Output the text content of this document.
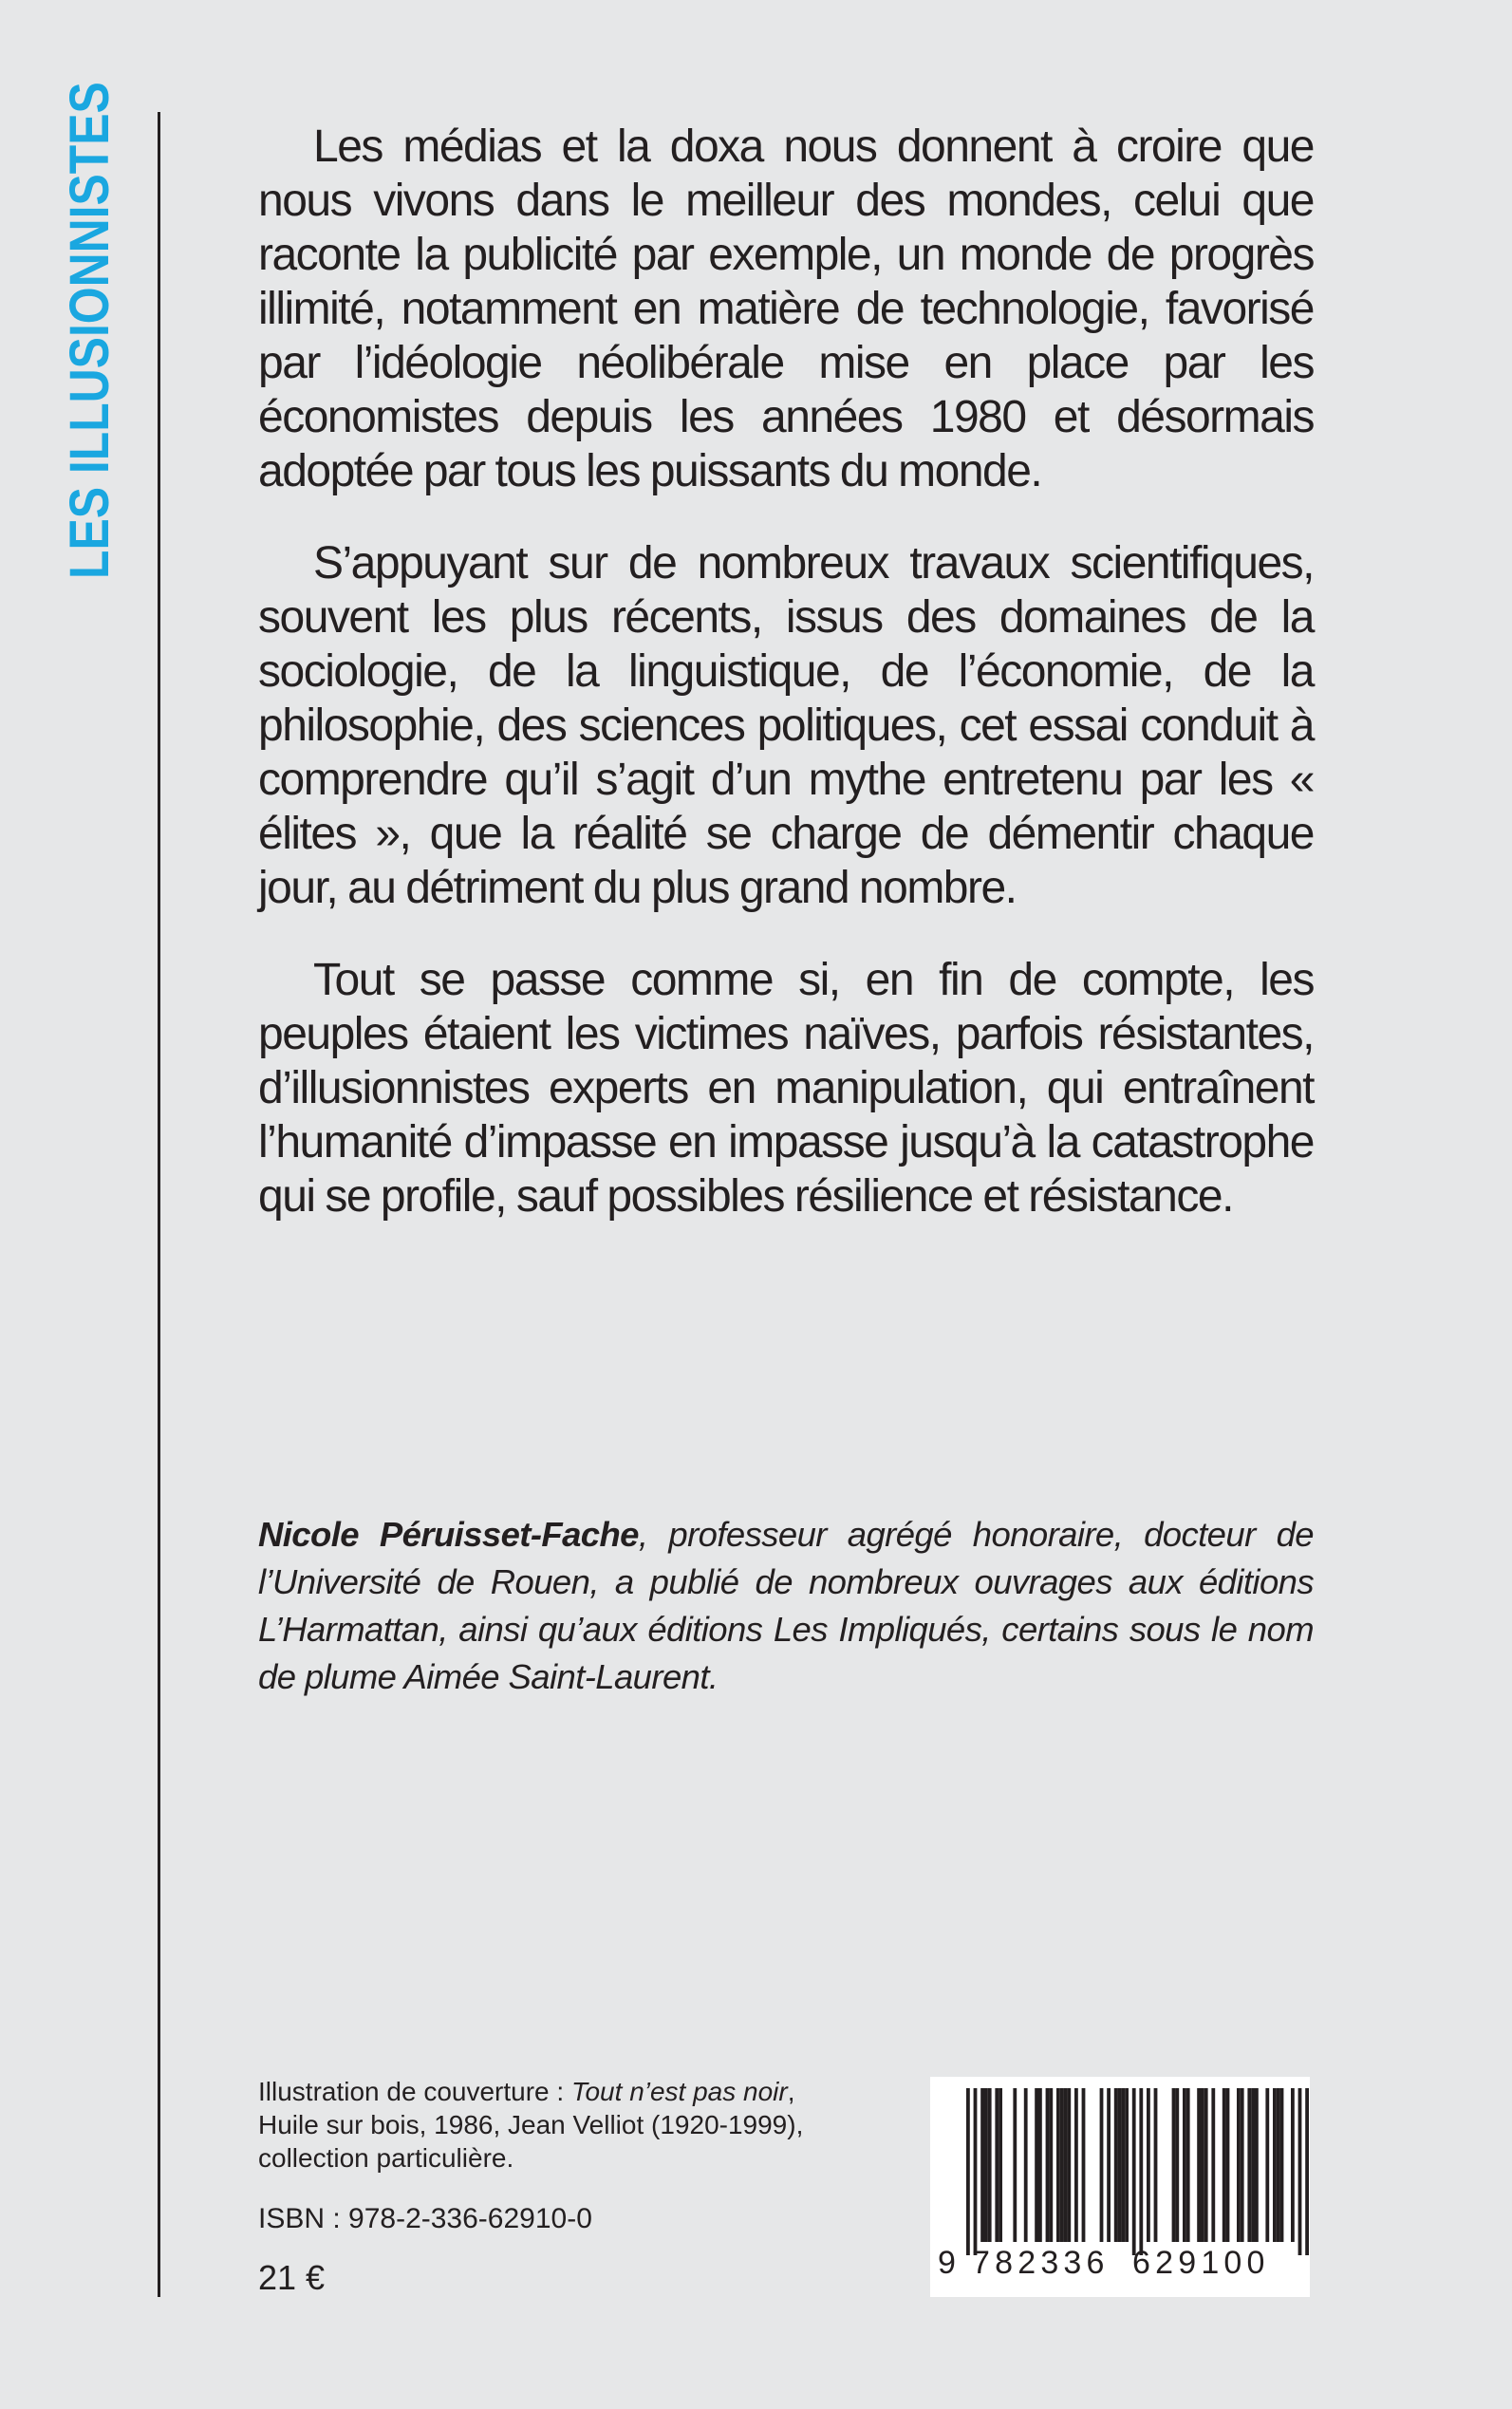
LES ILLUSIONNISTES	Les médias et la doxa nous donnent à croire que nous vivons dans le meilleur des mondes, celui que raconte la publicité par exemple, un monde de progrès illimité, notamment en matière de technologie, favorisé par l’idéologie néolibérale mise en place par les économistes depuis les années 1980 et désormais adoptée par tous les puissants du monde.

S’appuyant sur de nombreux travaux scientifiques, souvent les plus récents, issus des domaines de la sociologie, de la linguistique, de l’économie, de la philosophie, des sciences politiques, cet essai conduit à comprendre qu’il s’agit d’un mythe entretenu par les « élites », que la réalité se charge de démentir chaque jour, au détriment du plus grand nombre.

Tout se passe comme si, en fin de compte, les peuples étaient les victimes naïves, parfois résistantes, d’illusionnistes experts en manipulation, qui entraînent l’humanité d’impasse en impasse jusqu’à la catastrophe qui se profile, sauf possibles résilience et résistance.

Nicole Péruisset-Fache, professeur agrégé honoraire, docteur de l’Université de Rouen, a publié de nombreux ouvrages aux éditions L’Harmattan, ainsi qu’aux éditions Les Impliqués, certains sous le nom de plume Aimée Saint-Laurent.
Illustration de couverture : Tout n’est pas noir, Huile sur bois, 1986, Jean Velliot (1920-1999), collection particulière.
ISBN : 978-2-336-62910-0
21 €	9 782336 629100
